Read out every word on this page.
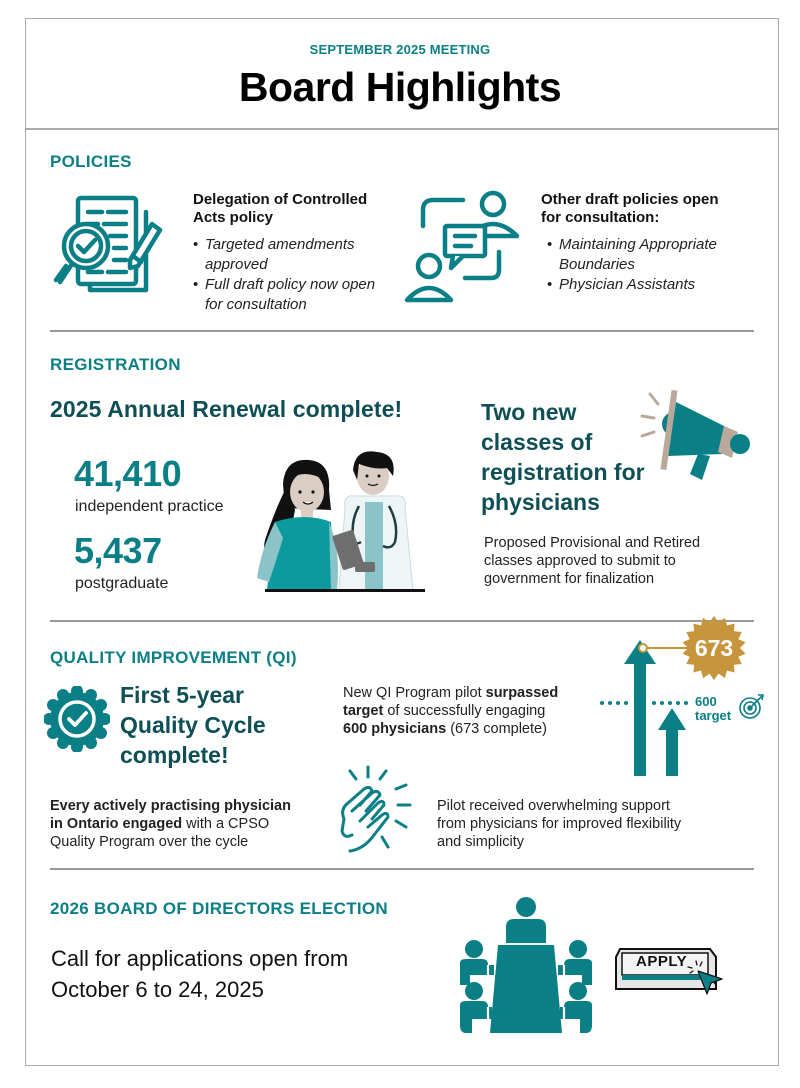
SEPTEMBER 2025 MEETING
Board Highlights
POLICIES
Delegation of Controlled
Acts policy
• Targeted amendments approved
• Full draft policy now open for consultation
Other draft policies open
for consultation:
• Maintaining Appropriate Boundaries
• Physician Assistants
REGISTRATION
2025 Annual Renewal complete!
41,410
independent practice
5,437
postgraduate
Two new
classes of
registration for
physicians
Proposed Provisional and Retired
classes approved to submit to
government for finalization
QUALITY IMPROVEMENT (QI)
First 5-year
Quality Cycle
complete!
Every actively practising physician
in Ontario engaged with a CPSO
Quality Program over the cycle
New QI Program pilot surpassed
target of successfully engaging
600 physicians (673 complete)
673
600
target
Pilot received overwhelming support
from physicians for improved flexibility
and simplicity
2026 BOARD OF DIRECTORS ELECTION
Call for applications open from
October 6 to 24, 2025
APPLY
